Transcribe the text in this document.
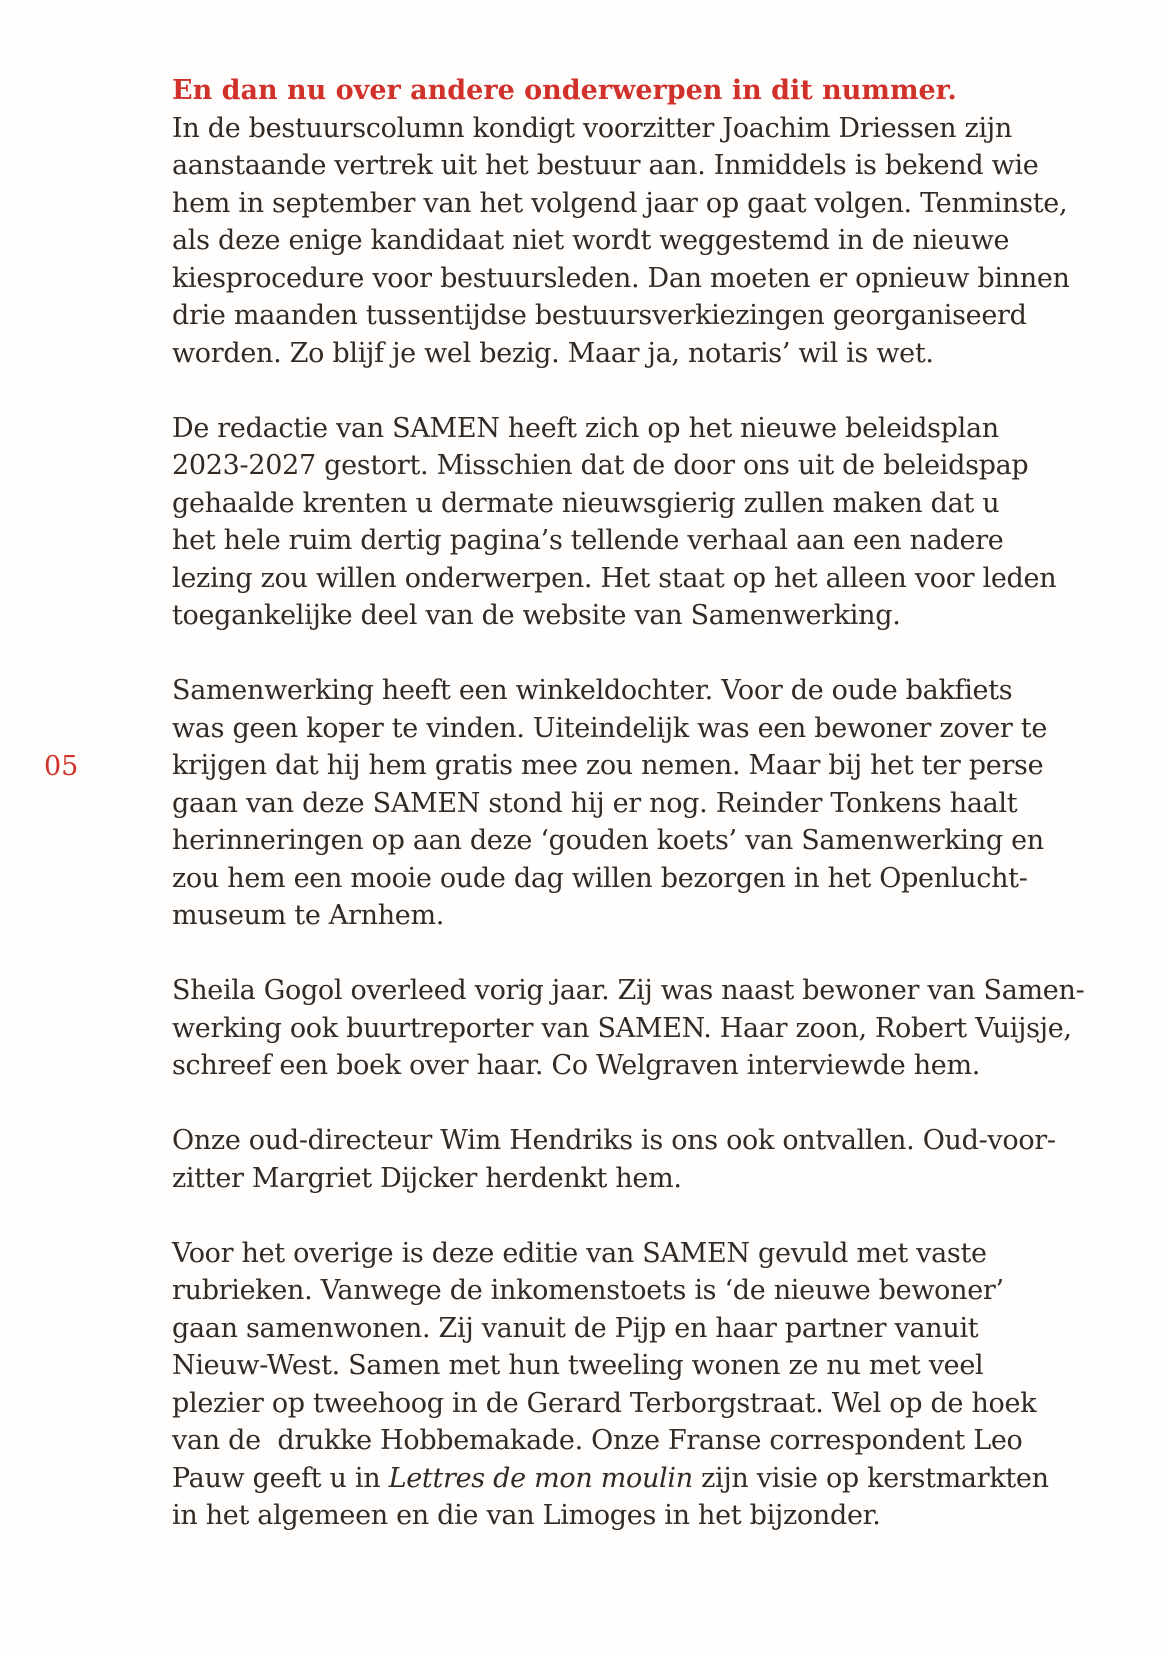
05
En dan nu over andere onderwerpen in dit nummer.
In de bestuurscolumn kondigt voorzitter Joachim Driessen zijn
aanstaande vertrek uit het bestuur aan. Inmiddels is bekend wie
hem in september van het volgend jaar op gaat volgen. Tenminste,
als deze enige kandidaat niet wordt weggestemd in de nieuwe
kiesprocedure voor bestuursleden. Dan moeten er opnieuw binnen
drie maanden tussentijdse bestuursverkiezingen georganiseerd
worden. Zo blijf je wel bezig. Maar ja, notaris’ wil is wet.
De redactie van SAMEN heeft zich op het nieuwe beleidsplan
2023-2027 gestort. Misschien dat de door ons uit de beleidspap
gehaalde krenten u dermate nieuwsgierig zullen maken dat u
het hele ruim dertig pagina’s tellende verhaal aan een nadere
lezing zou willen onderwerpen. Het staat op het alleen voor leden
toegankelijke deel van de website van Samenwerking.
Samenwerking heeft een winkeldochter. Voor de oude bakfiets
was geen koper te vinden. Uiteindelijk was een bewoner zover te
krijgen dat hij hem gratis mee zou nemen. Maar bij het ter perse
gaan van deze SAMEN stond hij er nog. Reinder Tonkens haalt
herinneringen op aan deze ‘gouden koets’ van Samenwerking en
zou hem een mooie oude dag willen bezorgen in het Openlucht-
museum te Arnhem.
Sheila Gogol overleed vorig jaar. Zij was naast bewoner van Samen-
werking ook buurtreporter van SAMEN. Haar zoon, Robert Vuijsje,
schreef een boek over haar. Co Welgraven interviewde hem.
Onze oud-directeur Wim Hendriks is ons ook ontvallen. Oud-voor-
zitter Margriet Dijcker herdenkt hem.
Voor het overige is deze editie van SAMEN gevuld met vaste
rubrieken. Vanwege de inkomenstoets is ‘de nieuwe bewoner’
gaan samenwonen. Zij vanuit de Pijp en haar partner vanuit
Nieuw-West. Samen met hun tweeling wonen ze nu met veel
plezier op tweehoog in de Gerard Terborgstraat. Wel op de hoek
van de  drukke Hobbemakade. Onze Franse correspondent Leo
Pauw geeft u in Lettres de mon moulin zijn visie op kerstmarkten
in het algemeen en die van Limoges in het bijzonder.
